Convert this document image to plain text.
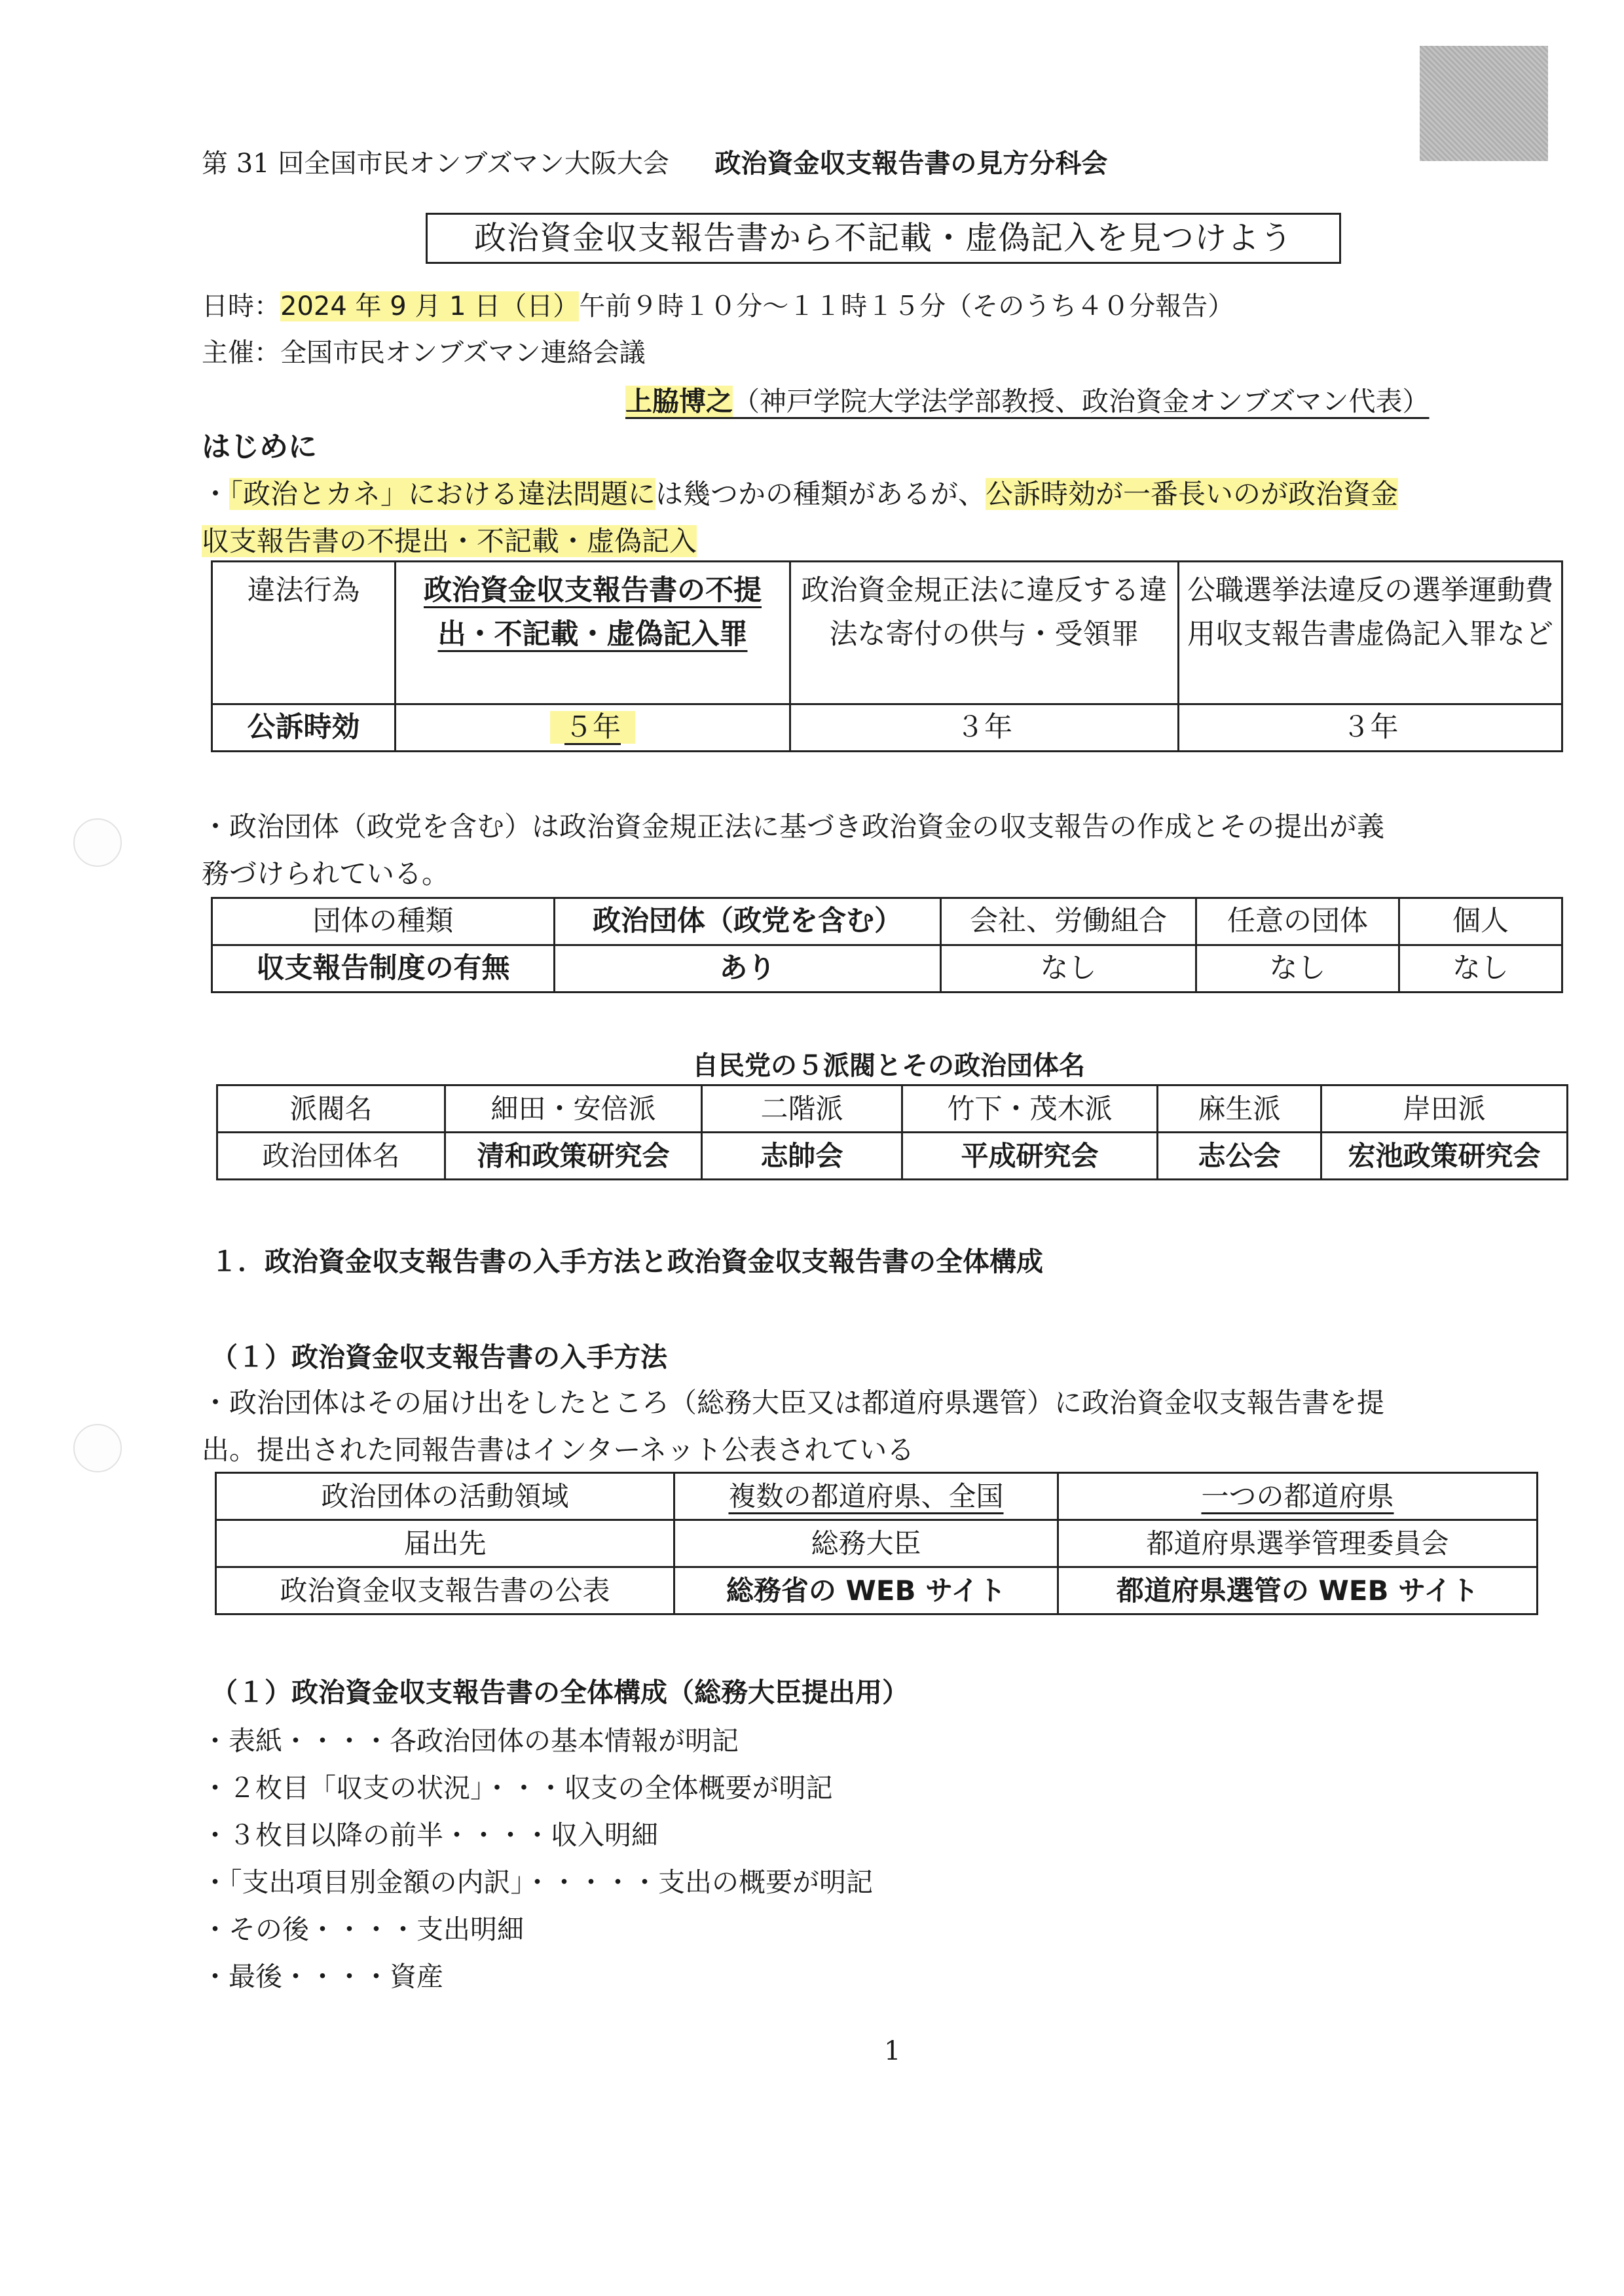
第 31 回全国市民オンブズマン大阪大会 政治資金収支報告書の見方分科会
政治資金収支報告書から不記載・虚偽記入を見つけよう
日時：2024 年 9 月 1 日（日）午前９時１０分～１１時１５分（そのうち４０分報告）
主催：全国市民オンブズマン連絡会議
上脇博之（神戸学院大学法学部教授、政治資金オンブズマン代表）
はじめに
・「政治とカネ」における違法問題には幾つかの種類があるが、公訴時効が一番長いのが政治資金
収支報告書の不提出・不記載・虚偽記入
違法行為	政治資金収支報告書の不提出・不記載・虚偽記入罪	政治資金規正法に違反する違法な寄付の供与・受領罪	公職選挙法違反の選挙運動費用収支報告書虚偽記入罪など
公訴時効	５年	３年	３年
・政治団体（政党を含む）は政治資金規正法に基づき政治資金の収支報告の作成とその提出が義
務づけられている。
団体の種類	政治団体（政党を含む）	会社、労働組合	任意の団体	個人
収支報告制度の有無	あり	なし	なし	なし
自民党の５派閥とその政治団体名
派閥名	細田・安倍派	二階派	竹下・茂木派	麻生派	岸田派
政治団体名	清和政策研究会	志帥会	平成研究会	志公会	宏池政策研究会
１．政治資金収支報告書の入手方法と政治資金収支報告書の全体構成
（１）政治資金収支報告書の入手方法
・政治団体はその届け出をしたところ（総務大臣又は都道府県選管）に政治資金収支報告書を提
出。提出された同報告書はインターネット公表されている
政治団体の活動領域	複数の都道府県、全国	一つの都道府県
届出先	総務大臣	都道府県選挙管理委員会
政治資金収支報告書の公表	総務省の WEB サイト	都道府県選管の WEB サイト
（１）政治資金収支報告書の全体構成（総務大臣提出用）
・表紙・・・・各政治団体の基本情報が明記
・２枚目「収支の状況」・・・収支の全体概要が明記
・３枚目以降の前半・・・・収入明細
・「支出項目別金額の内訳」・・・・・支出の概要が明記
・その後・・・・支出明細
・最後・・・・資産
1
